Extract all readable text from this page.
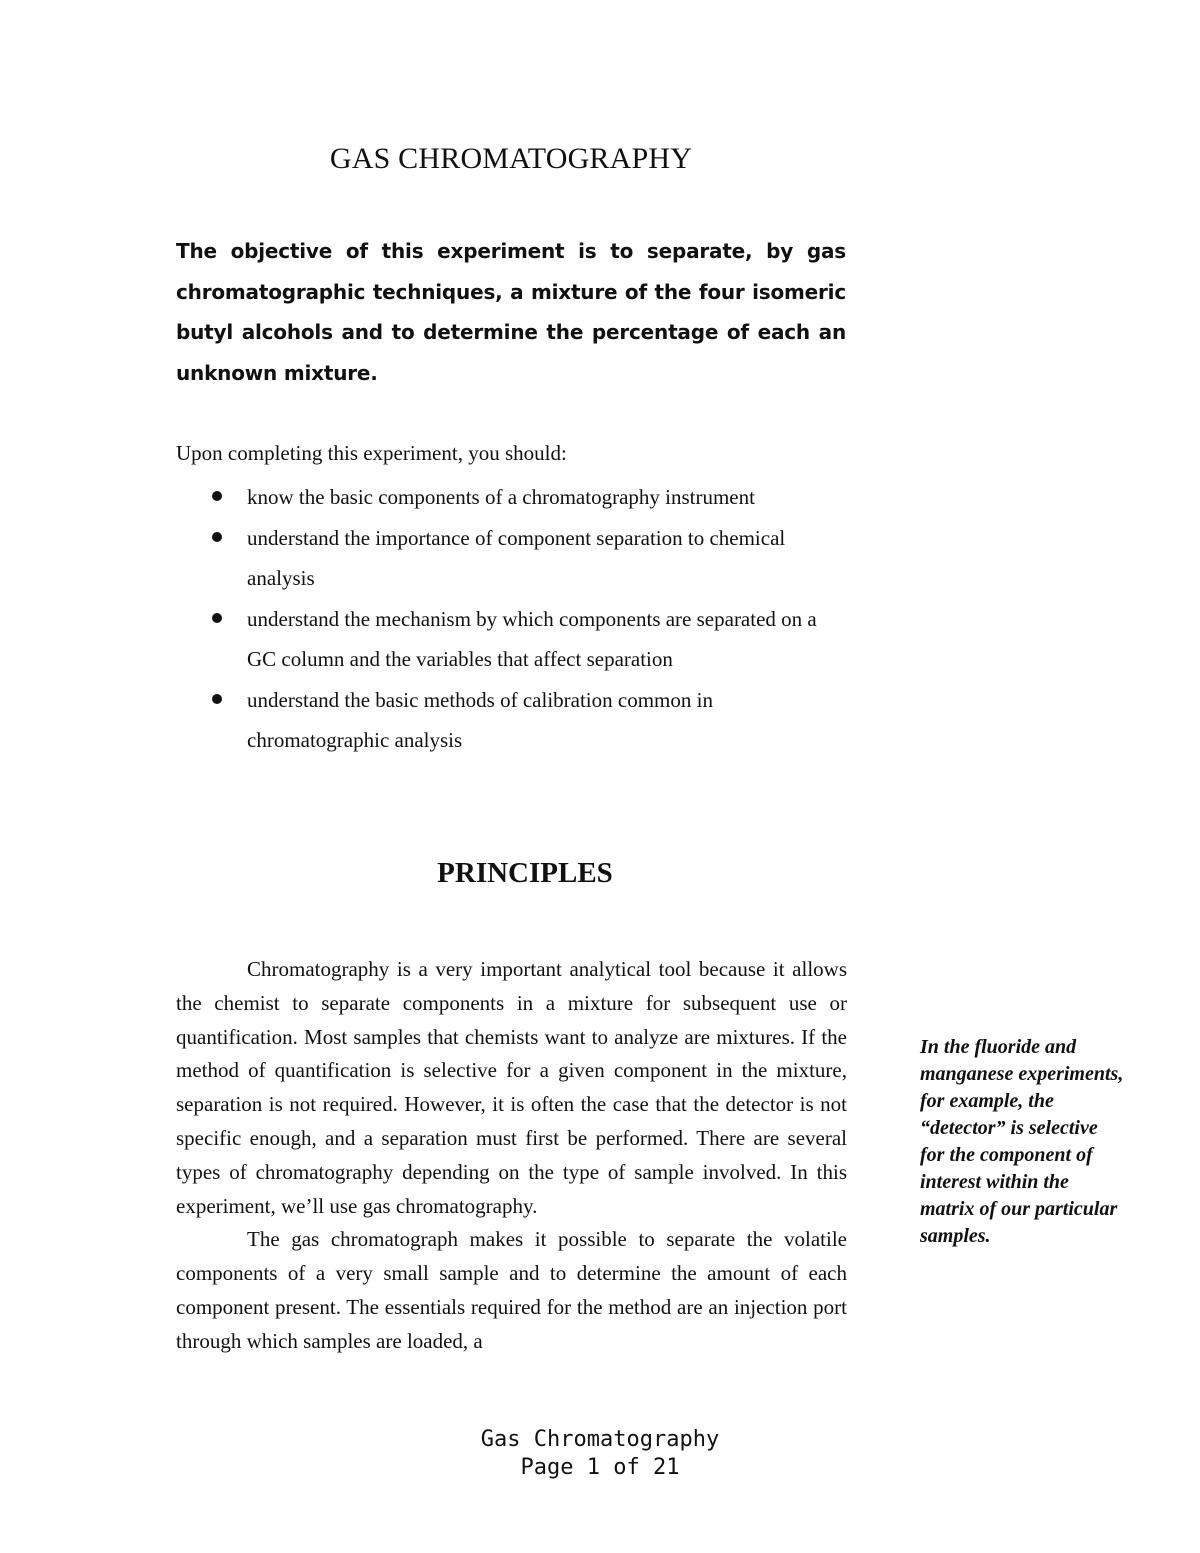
GAS CHROMATOGRAPHY

The objective of this experiment is to separate, by gas chromatographic techniques, a mixture of the four isomeric butyl alcohols and to determine the percentage of each an unknown mixture.

Upon completing this experiment, you should:

know the basic components of a chromatography instrument
understand the importance of component separation to chemical analysis
understand the mechanism by which components are separated on a GC column and the variables that affect separation
understand the basic methods of calibration common in chromatographic analysis
PRINCIPLES

Chromatography is a very important analytical tool because it allows the chemist to separate components in a mixture for subsequent use or quantification. Most samples that chemists want to analyze are mixtures. If the method of quantification is selective for a given component in the mixture, separation is not required. However, it is often the case that the detector is not specific enough, and a separation must first be performed. There are several types of chromatography depending on the type of sample involved. In this experiment, we’ll use gas chromatography.

The gas chromatograph makes it possible to separate the volatile components of a very small sample and to determine the amount of each component present. The essentials required for the method are an injection port through which samples are loaded, a

In the fluoride and manganese experiments, for example, the “detector” is selective for the component of interest within the matrix of our particular samples.

Gas Chromatography
Page 1 of 21
